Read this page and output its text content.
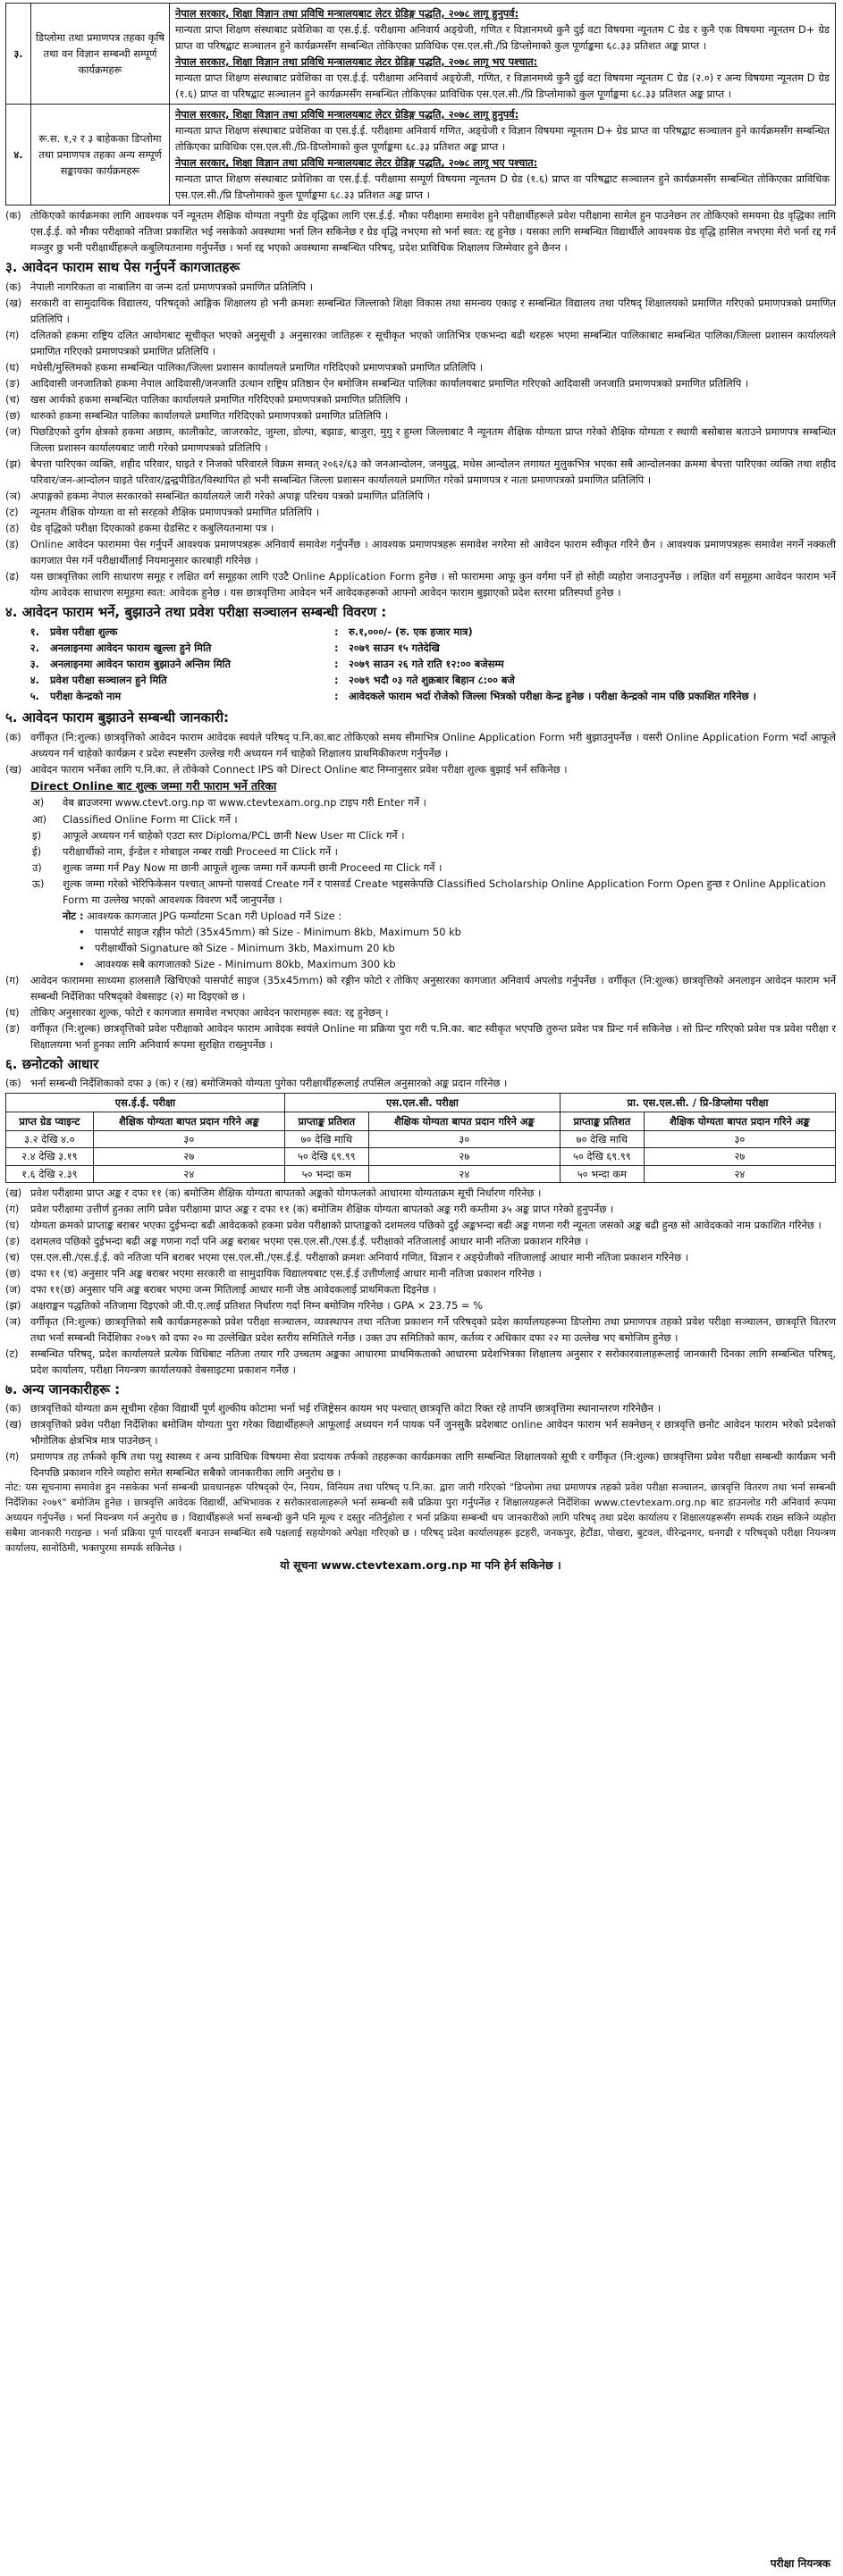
३.	डिप्लोमा तथा प्रमाणपत्र तहका कृषि तथा वन विज्ञान सम्बन्धी सम्पूर्ण कार्यक्रमहरू	नेपाल सरकार, शिक्षा विज्ञान तथा प्रविधि मन्त्रालयबाट लेटर ग्रेडिङ्ग पद्धति, २०७८ लागू हुनुपर्व:
मान्यता प्राप्त शिक्षण संस्थाबाट प्रवेशिका वा एस.ई.ई. परीक्षामा अनिवार्य अङ्ग्रेजी, गणित र विज्ञानमध्ये कुनै दुई वटा विषयमा न्यूनतम C ग्रेड र कुनै एक विषयमा न्यूनतम D+ ग्रेड प्राप्त वा परिषद्बाट सञ्चालन हुने कार्यक्रमसँग सम्बन्धित तोकिएका प्राविधिक एस.एल.सी./प्रि डिप्लोमाको कुल पूर्णाङ्कमा ६८.३३ प्रतिशत अङ्क प्राप्त ।
नेपाल सरकार, शिक्षा विज्ञान तथा प्रविधि मन्त्रालयबाट लेटर ग्रेडिङ्ग पद्धति, २०७८ लागू भए पश्चात:
मान्यता प्राप्त शिक्षण संस्थाबाट प्रवेशिका वा एस.ई.ई. परीक्षामा अनिवार्य अङ्ग्रेजी, गणित, र विज्ञानमध्ये कुनै दुई वटा विषयमा न्यूनतम C ग्रेड (२.०) र अन्य विषयमा न्यूनतम D ग्रेड (१.६) प्राप्त वा परिषद्बाट सञ्चालन हुने कार्यक्रमसँग सम्बन्धित तोकिएका प्राविधिक एस.एल.सी./प्रि डिप्लोमाको कुल पूर्णाङ्कमा ६८.३३ प्रतिशत अङ्क प्राप्त ।

४.	रू.स. १,२ र ३ बाहेकका डिप्लोमा तथा प्रमाणपत्र तहका अन्य सम्पूर्ण सङ्कायका कार्यक्रमहरू	नेपाल सरकार, शिक्षा विज्ञान तथा प्रविधि मन्त्रालयबाट लेटर ग्रेडिङ्ग पद्धति, २०७८ लागू हुनुपर्व:
मान्यता प्राप्त शिक्षण संस्थाबाट प्रवेशिका वा एस.ई.ई. परीक्षामा अनिवार्य गणित, अङ्ग्रेजी र विज्ञान विषयमा न्यूनतम D+ ग्रेड प्राप्त वा परिषद्बाट सञ्चालन हुने कार्यक्रमसँग सम्बन्धित तोकिएका प्राविधिक एस.एल.सी./प्रि-डिप्लोमाको कुल पूर्णाङ्कमा ६८.३३ प्रतिशत अङ्क प्राप्त ।
नेपाल सरकार, शिक्षा विज्ञान तथा प्रविधि मन्त्रालयबाट लेटर ग्रेडिङ्ग पद्धति, २०७८ लागू भए पश्चात:
मान्यता प्राप्त शिक्षण संस्थाबाट प्रवेशिका वा एस.ई.ई. परीक्षामा सम्पूर्ण विषयमा न्यूनतम D ग्रेड (१.६) प्राप्त वा परिषद्बाट सञ्चालन हुने कार्यक्रमसँग सम्बन्धित तोकिएका प्राविधिक एस.एल.सी./प्रि डिप्लोमाको कुल पूर्णाङ्कमा ६८.३३ प्रतिशत अङ्क प्राप्त ।
(क) तोकिएको कार्यक्रमका लागि आवश्यक पर्ने न्यूनतम शैक्षिक योग्यता नपुगी ग्रेड वृद्धिका लागि एस.ई.ई. मौका परीक्षामा समावेश हुने परीक्षार्थीहरूले प्रवेश परीक्षामा सामेल हुन पाउनेछन तर तोकिएको समयमा ग्रेड वृद्धिका लागि एस.ई.ई. को मौका परीक्षाको नतिजा प्रकाशित भई नसकेको अवस्थामा भर्ना लिन सकिनेछ र ग्रेड वृद्धि नभएमा सो भर्ना स्वत: रद्द हुनेछ । यसका लागि सम्बन्धित विद्यार्थीले आवश्यक ग्रेड वृद्धि हासिल नभएमा मेरो भर्ना रद्द गर्न मञ्जुर छु भनी परीक्षार्थीहरूले कबुलियतनामा गर्नुपर्नेछ । भर्ना रद्द भएको अवस्थामा सम्बन्धित परिषद्, प्रदेश प्राविधिक शिक्षालय जिम्मेवार हुने छैनन ।
३. आवेदन फाराम साथ पेस गर्नुपर्ने कागजातहरू
(क) नेपाली नागरिकता वा नाबालिग वा जन्म दर्ता प्रमाणपत्रको प्रमाणित प्रतिलिपि ।
(ख) सरकारी वा सामुदायिक विद्यालय, परिषद्को आङ्गिक शिक्षालय हो भनी क्रमशः सम्बन्धित जिल्लाको शिक्षा विकास तथा समन्वय एकाइ र सम्बन्धित विद्यालय तथा परिषद् शिक्षालयको प्रमाणित गरिएको प्रमाणपत्रको प्रमाणित प्रतिलिपि ।
(ग)	दलितको हकमा राष्ट्रिय दलित आयोगबाट सूचीकृत भएको अनुसूची ३ अनुसारका जातिहरू र सूचीकृत भएको जातिभित्र एकभन्दा बढी थरहरू भएमा सम्बन्धित पालिकाबाट सम्बन्धित पालिका/जिल्ला प्रशासन कार्यालयले प्रमाणित गरिएको प्रमाणपत्रको प्रमाणित प्रतिलिपि ।
(घ)	मधेसी/मुस्लिमको हकमा सम्बन्धित पालिका/जिल्ला प्रशासन कार्यालयले प्रमाणित गरिदिएको प्रमाणपत्रको प्रमाणित प्रतिलिपि ।
(ङ)	आदिवासी जनजातिको हकमा नेपाल आदिवासी/जनजाति उत्थान राष्ट्रिय प्रतिष्ठान ऐन बमोजिम सम्बन्धित पालिका कार्यालयबाट प्रमाणित गरिएको आदिवासी जनजाति प्रमाणपत्रको प्रमाणित प्रतिलिपि ।
(च)	खस आर्यको हकमा सम्बन्धित पालिका कार्यालयले प्रमाणित गरिदिएको प्रमाणपत्रको प्रमाणित प्रतिलिपि ।
(छ) थारुको हकमा सम्बन्धित पालिका कार्यालयले प्रमाणित गरिदिएको प्रमाणपत्रको प्रमाणित प्रतिलिपि ।
(ज) पिछडिएको दुर्गम क्षेत्रको हकमा अछाम, कालीकोट, जाजरकोट, जुम्ला, डोल्पा, बझाङ, बाजुरा, मुगु र हुम्ला जिल्लाबाट नै न्यूनतम शैक्षिक योग्यता प्राप्त गरेको शैक्षिक योग्यता र स्थायी बसोबास बताउने प्रमाणपत्र सम्बन्धित जिल्ला प्रशासन कार्यालयबाट जारी गरेको प्रमाणपत्रको प्रतिलिपि ।
(झ) बेपत्ता पारिएका व्यक्ति, शहीद परिवार, घाइते र निजको परिवारले विक्रम सम्वत् २०६२/६३ को जनआन्दोलन, जनयुद्ध, मधेस आन्दोलन लगायत मुलुकभित्र भएका सबै आन्दोलनका क्रममा बेपत्ता पारिएका व्यक्ति तथा शहीद परिवार/जन-आन्दोलन घाइते परिवार/द्वन्द्वपीडित/विस्थापित हो भनी सम्बन्धित जिल्ला प्रशासन कार्यालयले प्रमाणित गरेको प्रमाणपत्र र नाता प्रमाणपत्रको प्रमाणित प्रतिलिपि ।
(ञ) अपाङ्गको हकमा नेपाल सरकारको सम्बन्धित कार्यालयले जारी गरेको अपाङ्ग परिचय पत्रको प्रमाणित प्रतिलिपि ।
(ट)	न्यूनतम शैक्षिक योग्यता वा सो सरहको शैक्षिक प्रमाणपत्रको प्रमाणित प्रतिलिपि ।
(ठ)	ग्रेड वृद्धिको परीक्षा दिएकाको हकमा ग्रेडसिट र कबुलियतनामा पत्र ।
(ड)	Online आवेदन फाराममा पेस गर्नुपर्ने आवश्यक प्रमाणपत्रहरू अनिवार्य समावेश गर्नुपर्नेछ । आवश्यक प्रमाणपत्रहरू समावेश नगरेमा सो आवेदन फाराम स्वीकृत गरिने छैन । आवश्यक प्रमाणपत्रहरू समावेश नगर्ने नक्कली कागजात पेस गर्ने परीक्षार्थीलाई नियमानुसार कारबाही गरिनेछ ।
(ढ)	यस छात्रवृत्तिका लागि साधारण समूह र लक्षित वर्ग समूहका लागि एउटै Online Application Form हुनेछ । सो फाराममा आफू कुन वर्गमा पर्ने हो सोही व्यहोरा जनाउनुपर्नेछ । लक्षित वर्ग समूहमा आवेदन फाराम भर्ने योग्य आवेदक साधारण समूहमा स्वत: आवेदक हुनेछ । यस छात्रवृत्तिमा आवेदन भर्ने आवेदकहरूको आफ्नो आवेदन फाराम बुझाएको प्रदेश स्तरमा प्रतिस्पर्धा हुनेछ ।
४. आवेदन फाराम भर्ने, बुझाउने तथा प्रवेश परीक्षा सञ्चालन सम्बन्धी विवरण :
१.	प्रवेश परीक्षा शुल्क	:	रु.१,०००/- (रु. एक हजार मात्र)
२.	अनलाइनमा आवेदन फाराम खुल्ला हुने मिति	:	२०७९ साउन १५ गतेदेखि
३.	अनलाइनमा आवेदन फाराम बुझाउने अन्तिम मिति	:	२०७९ साउन २६ गते राति १२:०० बजेसम्म
४.	प्रवेश परीक्षा सञ्चालन हुने मिति	:	२०७९ भदौ ०३ गते शुक्रबार बिहान ८:०० बजे
५.	परीक्षा केन्द्रको नाम	:	आवेदकले फाराम भर्दा रोजेको जिल्ला भित्रको परीक्षा केन्द्र हुनेछ । परीक्षा केन्द्रको नाम पछि प्रकाशित गरिनेछ ।
५. आवेदन फाराम बुझाउने सम्बन्धी जानकारी:
(क) वर्गीकृत (नि:शुल्क) छात्रवृत्तिको आवेदन फाराम आवेदक स्वयंले परिषद् प.नि.का.बाट तोकिएको समय सीमाभित्र Online Application Form भरी बुझाउनुपर्नेछ । यसरी Online Application Form भर्दा आफूले अध्ययन गर्न चाहेको कार्यक्रम र प्रदेश स्पष्टसँग उल्लेख गरी अध्ययन गर्न चाहेको शिक्षालय प्राथमिकीकरण गर्नुपर्नेछ ।
(ख) आवेदन फाराम भर्नेका लागि प.नि.का. ले तोकेको Connect IPS को Direct Online बाट निम्नानुसार प्रवेश परीक्षा शुल्क बुझाई भर्न सकिनेछ ।
Direct Online बाट शुल्क जम्मा गरी फाराम भर्ने तरिका
अ)	वेब ब्राउजरमा www.ctevt.org.np वा www.ctevtexam.org.np टाइप गरी Enter गर्ने ।
आ)	Classified Online Form मा Click गर्ने ।
इ)	आफूले अध्ययन गर्न चाहेको एउटा स्तर Diploma/PCL छानी New User मा Click गर्ने ।
ई)	परीक्षार्थीको नाम, ईन्डेल र मोबाइल नम्बर राखी Proceed मा Click गर्ने ।
उ)	शुल्क जम्मा गर्न Pay Now मा छानी आफूले शुल्क जम्मा गर्ने कम्पनी छानी Proceed मा Click गर्ने ।
ऊ)	शुल्क जम्मा गरेको भेरिफिकेसन पश्चात् आफ्नो पासवर्ड Create गर्ने र पासवर्ड Create भइसकेपछि Classified Scholarship Online Application Form Open हुन्छ र Online Application Form मा उल्लेख भएको आवश्यक विवरण भर्दै जानुपर्नेछ ।
नोट : आवश्यक कागजात JPG फर्म्याटमा Scan गरी Upload गर्ने Size :
• पासपोर्ट साइज रङ्गीन फोटो (35x45mm) को Size - Minimum 8kb, Maximum 50 kb
• परीक्षार्थीको Signature को Size - Minimum 3kb, Maximum 20 kb
• आवश्यक सबै कागजातको Size - Minimum 80kb, Maximum 300 kb
(ग)	आवेदन फाराममा साध्यमा हालसालै खिचिएको पासपोर्ट साइज (35x45mm) को रङ्गीन फोटो र तोकिए अनुसारका कागजात अनिवार्य अपलोड गर्नुपर्नेछ । वर्गीकृत (नि:शुल्क) छात्रवृत्तिको अनलाइन आवेदन फाराम भर्ने सम्बन्धी निर्देशिका परिषद्को वेबसाइट (२) मा दिइएको छ ।
(घ)	तोकिए अनुसारका शुल्क, फोटो र कागजात समावेश नभएका आवेदन फारामहरू स्वत: रद्द हुनेछन् ।
(ङ)	वर्गीकृत (नि:शुल्क) छात्रवृत्तिको प्रवेश परीक्षाको आवेदन फाराम आवेदक स्वयंले Online मा प्रक्रिया पुरा गरी प.नि.का. बाट स्वीकृत भएपछि तुरुन्त प्रवेश पत्र प्रिन्ट गर्न सकिनेछ । सो प्रिन्ट गरिएको प्रवेश पत्र प्रवेश परीक्षा र शिक्षालयमा भर्ना हुनका लागि अनिवार्य रूपमा सुरक्षित राख्नुपर्नेछ ।
६. छनोटको आधार
(क) भर्ना सम्बन्धी निर्देशिकाको दफा ३ (क) र (ख) बमोजिमको योग्यता पुगेका परीक्षार्थीहरूलाई तपसिल अनुसारको अङ्क प्रदान गरिनेछ ।
एस.ई.ई. परीक्षा		एस.एल.सी. परीक्षा		प्रा. एस.एल.सी. / प्रि-डिप्लोमा परीक्षा	
प्राप्त ग्रेड प्वाइन्ट	शैक्षिक योग्यता बापत प्रदान गरिने अङ्क	प्राप्ताङ्क प्रतिशत	शैक्षिक योग्यता बापत प्रदान गरिने अङ्क	प्राप्ताङ्क प्रतिशत	शैक्षिक योग्यता बापत प्रदान गरिने अङ्क
३.२ देखि ४.०	३०	७० देखि माथि	३०	७० देखि माथि	३०
२.४ देखि ३.१९	२७	५० देखि ६९.९९	२७	५० देखि ६९.९९	२७
१.६ देखि २.३९	२४	५० भन्दा कम	२४	५० भन्दा कम	२४
(ख) प्रवेश परीक्षामा प्राप्त अङ्क र दफा ११ (क) बमोजिम शैक्षिक योग्यता बापतको अङ्कको योगफलको आधारमा योग्यताक्रम सूची निर्धारण गरिनेछ ।
(ग)	प्रवेश परीक्षामा उत्तीर्ण हुनका लागि प्रवेश परीक्षामा प्राप्त अङ्क र दफा ११ (क) बमोजिम शैक्षिक योग्यता बापतको अङ्क गरी कम्तीमा ३५ अङ्क प्राप्त गरेको हुनुपर्नेछ ।
(घ)	योग्यता क्रमको प्राप्ताङ्क बराबर भएका दुईभन्दा बढी आवेदकको हकमा प्रवेश परीक्षाको प्राप्ताङ्कको दशमलव पछिको दुई अङ्कभन्दा बढी अङ्क गणना गरी न्यूनता जसको अङ्क बढी हुन्छ सो आवेदकको नाम प्रकाशित गरिनेछ ।
(ङ)	दशमलव पछिको दुईभन्दा बढी अङ्क गणना गर्दा पनि अङ्क बराबर भएमा एस.एल.सी./एस.ई.ई. परीक्षाको नतिजालाई आधार मानी नतिजा प्रकाशन गरिनेछ ।
(च)	एस.एल.सी./एस.ई.ई. को नतिजा पनि बराबर भएमा एस.एल.सी./एस.ई.ई. परीक्षाको क्रमशः अनिवार्य गणित, विज्ञान र अङ्ग्रेजीको नतिजालाई आधार मानी नतिजा प्रकाशन गरिनेछ ।
(छ) दफा ११ (च) अनुसार पनि अङ्क बराबर भएमा सरकारी वा सामुदायिक विद्यालयबाट एस.ई.ई उत्तीर्णलाई आधार मानी नतिजा प्रकाशन गरिनेछ ।
(ज) दफा ११(छ) अनुसार पनि अङ्क बराबर भएमा जन्म मितिलाई आधार मानी जेष्ठ आवेदकलाई प्राथमिकता दिइनेछ ।
(झ) अक्षराङ्कन पद्धतिको नतिजामा दिइएको जी.पी.ए.लाई प्रतिशत निर्धारण गर्दा निम्न बमोजिम गरिनेछ । GPA × 23.75 = %
(ञ) वर्गीकृत (नि:शुल्क) छात्रवृत्तिको सबै कार्यक्रमहरूको प्रवेश परीक्षा सञ्चालन, व्यवस्थापन तथा नतिजा प्रकाशन गर्ने परिषद्को प्रदेश कार्यालयहरूमा डिप्लोमा तथा प्रमाणपत्र तहको प्रवेश परीक्षा सञ्चालन, छात्रवृत्ति वितरण तथा भर्ना सम्बन्धी निर्देशिका २०७९ को दफा २० मा उल्लेखित प्रदेश स्तरीय समितिले गर्नेछ । उक्त उप समितिको काम, कर्तव्य र अधिकार दफा २२ मा उल्लेख भए बमोजिम हुनेछ ।
(ट)	सम्बन्धित परिषद्, प्रदेश कार्यालयले प्रत्येक विधिबाट नतिजा तयार गरि उच्चतम अङ्कका आधारमा प्राथमिकताको आधारमा प्रदेशभित्रका शिक्षालय अनुसार र सरोकारवालाहरूलाई जानकारी दिनका लागि सम्बन्धित परिषद्, प्रदेश कार्यालय, परीक्षा नियन्त्रण कार्यालयको वेबसाइटमा प्रकाशन गर्नेछ ।
७. अन्य जानकारीहरू :
(क) छात्रवृत्तिको योग्यता क्रम सूचीमा रहेका विद्यार्थी पूर्ण शुल्कीय कोटामा भर्ना भई रजिष्ट्रेसन कायम भए पश्चात् छात्रवृत्ति कोटा रिक्त रहे तापनि छात्रवृत्तिमा स्थानान्तरण गरिनेछैन ।
(ख) छात्रवृत्तिको प्रवेश परीक्षा निर्देशिका बमोजिम योग्यता पुरा गरेका विद्यार्थीहरूले आफूलाई अध्ययन गर्न पायक पर्ने जुनसुकै प्रदेशबाट online आवेदन फाराम भर्न सक्नेछन् र छात्रवृत्ति छनोट आवेदन फाराम भरेको प्रदेशको भौगोलिक क्षेत्रभित्र मात्र पाउनेछन् ।
(ग)	प्रमाणपत्र तह तर्फको कृषि तथा पशु स्वास्थ्य र अन्य प्राविधिक विषयमा सेवा प्रदायक तर्फको तहहरूका कार्यक्रमका लागि सम्बन्धित शिक्षालयको सूची र वर्गीकृत (नि:शुल्क) छात्रवृत्तिमा प्रवेश परीक्षा सम्बन्धी कार्यक्रम भनी दिनपछि प्रकाशन गरिने व्यहोरा समेत सम्बन्धित सबैको जानकारीका लागि अनुरोध छ ।
नोट: यस सूचनामा समावेश हुन नसकेका भर्ना सम्बन्धी प्रावधानहरू परिषद्को ऐन, नियम, विनियम तथा परिषद् प.नि.का. द्वारा जारी गरिएको "डिप्लोमा तथा प्रमाणपत्र तहको प्रवेश परीक्षा सञ्चालन, छात्रवृत्ति वितरण तथा भर्ना सम्बन्धी निर्देशिका २०७९" बमोजिम हुनेछ । छात्रवृत्ति आवेदक विद्यार्थी, अभिभावक र सरोकारवालाहरूले भर्ना सम्बन्धी सबै प्रक्रिया पुरा गर्नुपर्नेछ र शिक्षालयहरूले निर्देशिका www.ctevtexam.org.np बाट डाउनलोड गरी अनिवार्य रूपमा अध्ययन गर्नुपर्नेछ । भर्ना नियन्त्रण गर्न अनुरोध छ । विद्यार्थीहरूले भर्ना सम्बन्धी कुनै पनि मूल्य र दस्तुर नतिर्नुहोला र भर्ना प्रक्रिया सम्बन्धी थप जानकारीको लागि परिषद् तथा प्रदेश कार्यालय र शिक्षालयहरूसँग सम्पर्क राख्न सकिने व्यहोरा सबैमा जानकारी गराइन्छ । भर्ना प्रक्रिया पूर्ण पारदर्शी बनाउन सम्बन्धित सबै पक्षलाई सहयोगको अपेक्षा गरिएको छ । परिषद् प्रदेश कार्यालयहरू इटहरी, जनकपुर, हेटौंडा, पोखरा, बुटवल, वीरेन्द्रनगर, धनगढी र परिषद्को परीक्षा नियन्त्रण कार्यालय, सानोठिमी, भक्तपुरमा सम्पर्क सकिनेछ ।
यो सूचना www.ctevtexam.org.np मा पनि हेर्न सकिनेछ ।
परीक्षा नियन्त्रक
